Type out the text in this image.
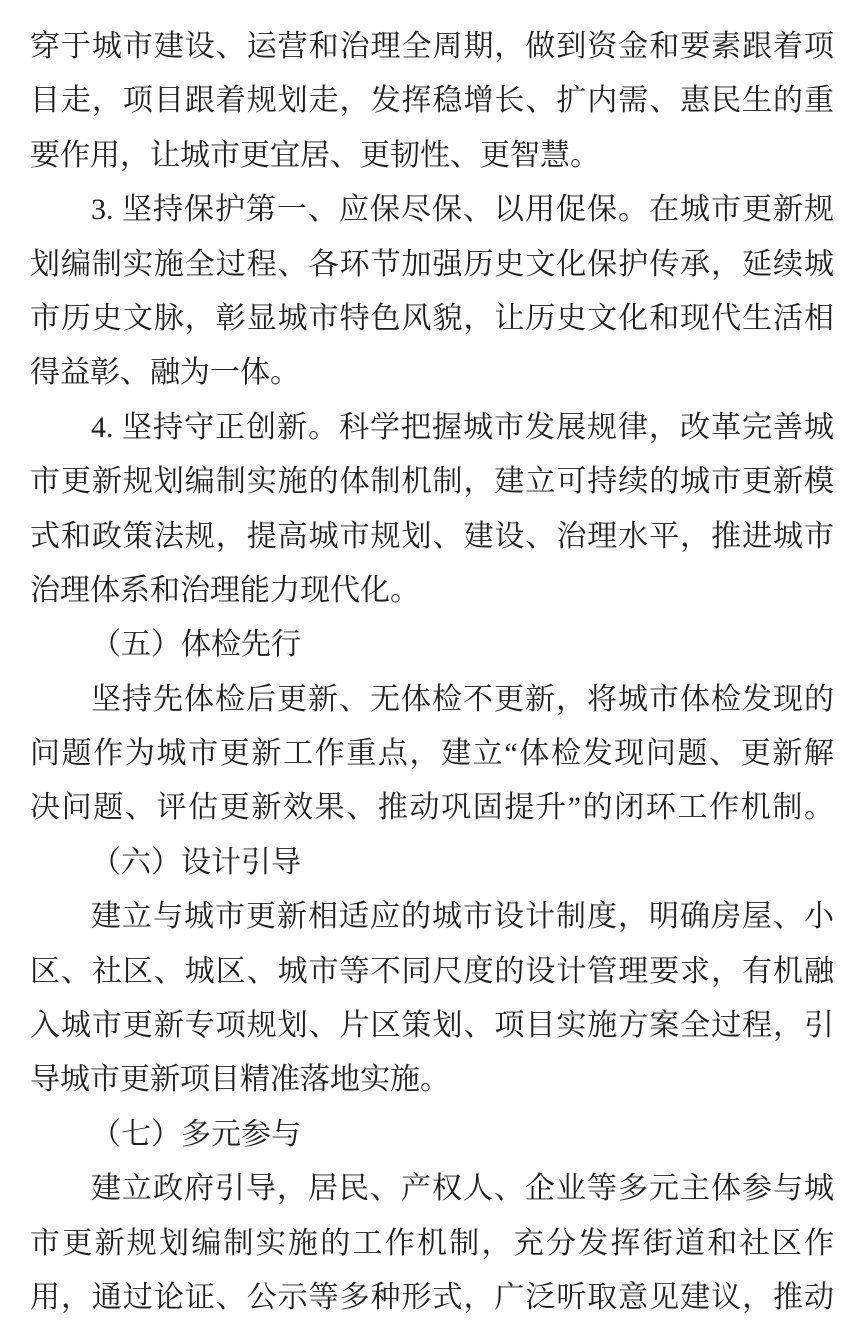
穿于城市建设、运营和治理全周期，做到资金和要素跟着项
目走，项目跟着规划走，发挥稳增长、扩内需、惠民生的重
要作用，让城市更宜居、更韧性、更智慧。
3. 坚持保护第一、应保尽保、以用促保。在城市更新规
划编制实施全过程、各环节加强历史文化保护传承，延续城
市历史文脉，彰显城市特色风貌，让历史文化和现代生活相
得益彰、融为一体。
4. 坚持守正创新。科学把握城市发展规律，改革完善城
市更新规划编制实施的体制机制，建立可持续的城市更新模
式和政策法规，提高城市规划、建设、治理水平，推进城市
治理体系和治理能力现代化。
（五）体检先行
坚持先体检后更新、无体检不更新，将城市体检发现的
问题作为城市更新工作重点，建立“体检发现问题、更新解
决问题、评估更新效果、推动巩固提升”的闭环工作机制。
（六）设计引导
建立与城市更新相适应的城市设计制度，明确房屋、小
区、社区、城区、城市等不同尺度的设计管理要求，有机融
入城市更新专项规划、片区策划、项目实施方案全过程，引
导城市更新项目精准落地实施。
（七）多元参与
建立政府引导，居民、产权人、企业等多元主体参与城
市更新规划编制实施的工作机制，充分发挥街道和社区作
用，通过论证、公示等多种形式，广泛听取意见建议，推动
